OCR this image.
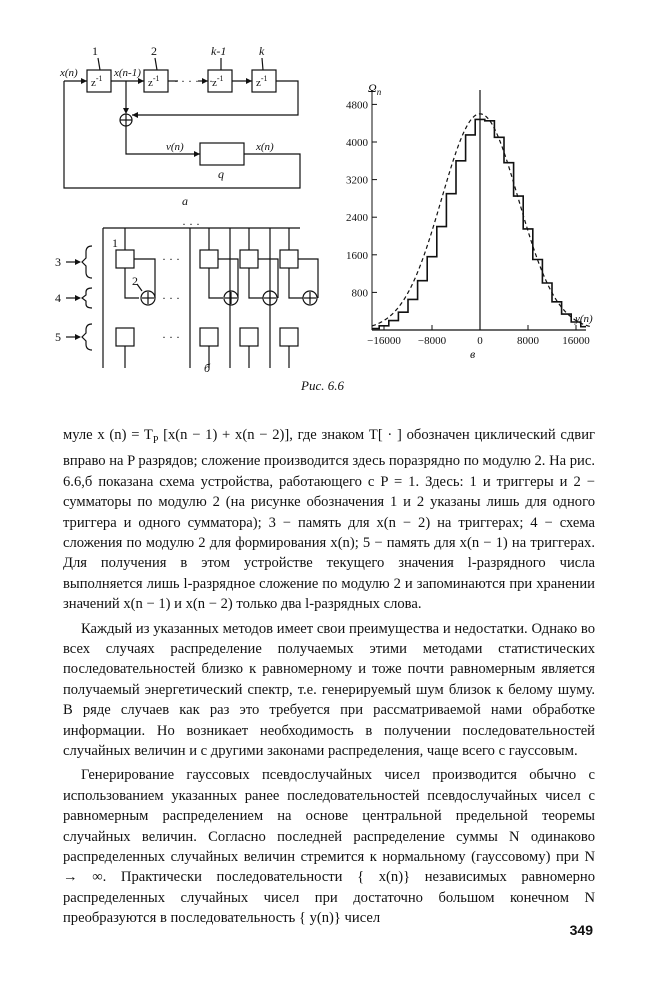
$z^{-1}$	$z^{-1}$	$z^{-1}$	$z^{-1}$
1	2	k-1	k
x(n)	x(n-1)
· · · · · ·
v(n)	x(n)
q
а
3
4
5
1
2
· · ·
· · ·
· · ·
· · ·
б
800
1600
2400
3200
4000
4800
−16000 −8000	0	8000 16000
$\Omega_n$
y(n)
в
Рис. 6.6

муле x $(n) = T_P$ [x(n − 1) + x(n − 2)], где знаком T[ · ] обозначен циклический сдвиг вправо на P разрядов; сложение производится здесь поразрядно по модулю 2. На рис. 6.6,б показана схема устройства, работающего с P = 1. Здесь: 1 и триггеры и 2 − сумматоры по модулю 2 (на рисунке обозначения 1 и 2 указаны лишь для одного триггера и одного сумматора); 3 − память для x(n − 2) на триггерах; 4 − схема сложения по модулю 2 для формирования x(n); 5 − память для x(n − 1) на триггерах. Для получения в этом устройстве текущего значения l-разрядного числа выполняется лишь l-разрядное сложение по модулю 2 и запоминаются при хранении значений x(n − 1) и x(n − 2) только два l-разрядных слова.

Каждый из указанных методов имеет свои преимущества и недостатки. Однако во всех случаях распределение получаемых этими методами статистических последовательностей близко к равномерному и тоже почти равномерным является получаемый энергетический спектр, т.е. генерируемый шум близок к белому шуму. В ряде случаев как раз это требуется при рассматриваемой нами обработке информации. Но возникает необходимость в получении последовательностей случайных величин и с другими законами распределения, чаще всего с гауссовым.

Генерирование гауссовых псевдослучайных чисел производится обычно с использованием указанных ранее последовательностей псевдослучайных чисел с равномерным распределением на основе центральной предельной теоремы случайных величин. Согласно последней распределение суммы N одинаково распределенных случайных величин стремится к нормальному (гауссовому) при N → ∞. Практически последовательности { x(n)} независимых равномерно распределенных случайных чисел при достаточно большом конечном N преобразуются в последовательность { y(n)} чисел

349
